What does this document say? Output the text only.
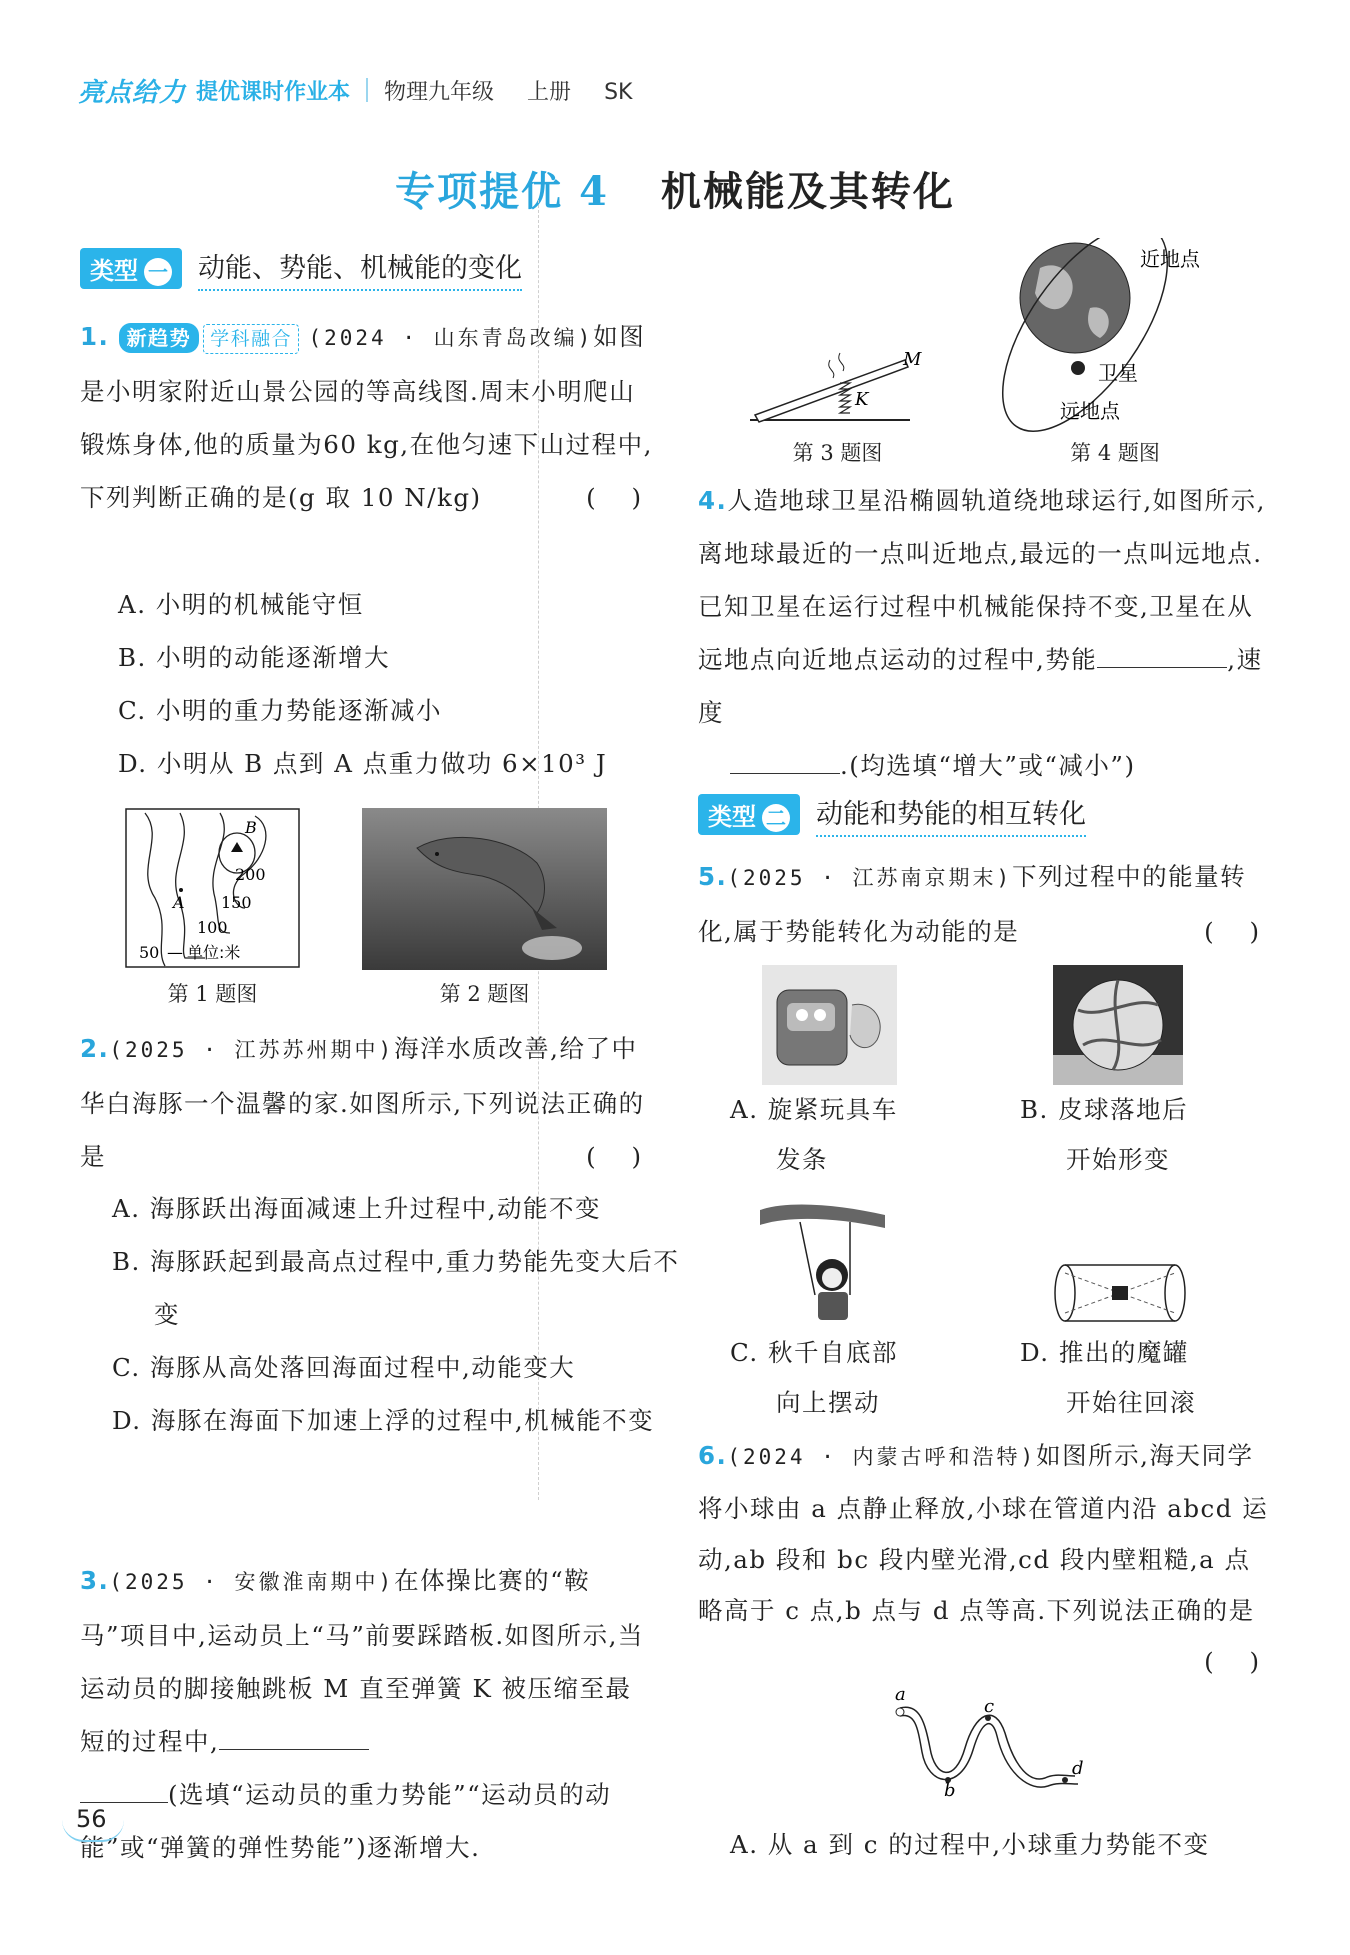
亮点给力 提优课时作业本 物理九年级 上册 SK
专项提优 4 机械能及其转化
类型 一	动能、势能、机械能的变化
1. 新趋势 学科融合 (2024 · 山东青岛改编)如图是小明家附近山景公园的等高线图.周末小明爬山锻炼身体,他的质量为60 kg,在他匀速下山过程中,下列判断正确的是(g 取 10 N/kg)	( )
A. 小明的机械能守恒
B. 小明的动能逐渐增大
C. 小明的重力势能逐渐减小
D. 小明从 B 点到 A 点重力做功 6×10³ J
B
A
200
150
100
50 — 单位:米
第 1 题图	第 2 题图
2.(2025 · 江苏苏州期中)海洋水质改善,给了中华白海豚一个温馨的家.如图所示,下列说法正确的是	( )
A. 海豚跃出海面减速上升过程中,动能不变
B. 海豚跃起到最高点过程中,重力势能先变大后不变
C. 海豚从高处落回海面过程中,动能变大
D. 海豚在海面下加速上浮的过程中,机械能不变
3.(2025 · 安徽淮南期中)在体操比赛的“鞍马”项目中,运动员上“马”前要踩踏板.如图所示,当运动员的脚接触跳板 M 直至弹簧 K 被压缩至最短的过程中,
(选填“运动员的重力势能”“运动员的动能”或“弹簧的弹性势能”)逐渐增大.
M
K
第 3 题图
近地点
卫星
远地点
第 4 题图
4.人造地球卫星沿椭圆轨道绕地球运行,如图所示,离地球最近的一点叫近地点,最远的一点叫远地点.已知卫星在运行过程中机械能保持不变,卫星在从远地点向近地点运动的过程中,势能	,速度
.(均选填“增大”或“减小”)
类型 二	动能和势能的相互转化
5.(2025 · 江苏南京期末)下列过程中的能量转化,属于势能转化为动能的是	( )
A. 旋紧玩具车
发条
B. 皮球落地后
开始形变
C. 秋千自底部
向上摆动
D. 推出的魔罐
开始往回滚
6.(2024 · 内蒙古呼和浩特)如图所示,海天同学将小球由 a 点静止释放,小球在管道内沿 abcd 运动,ab 段和 bc 段内壁光滑,cd 段内壁粗糙,a 点略高于 c 点,b 点与 d 点等高.下列说法正确的是
( )
a
b
c
d
A. 从 a 到 c 的过程中,小球重力势能不变
56
